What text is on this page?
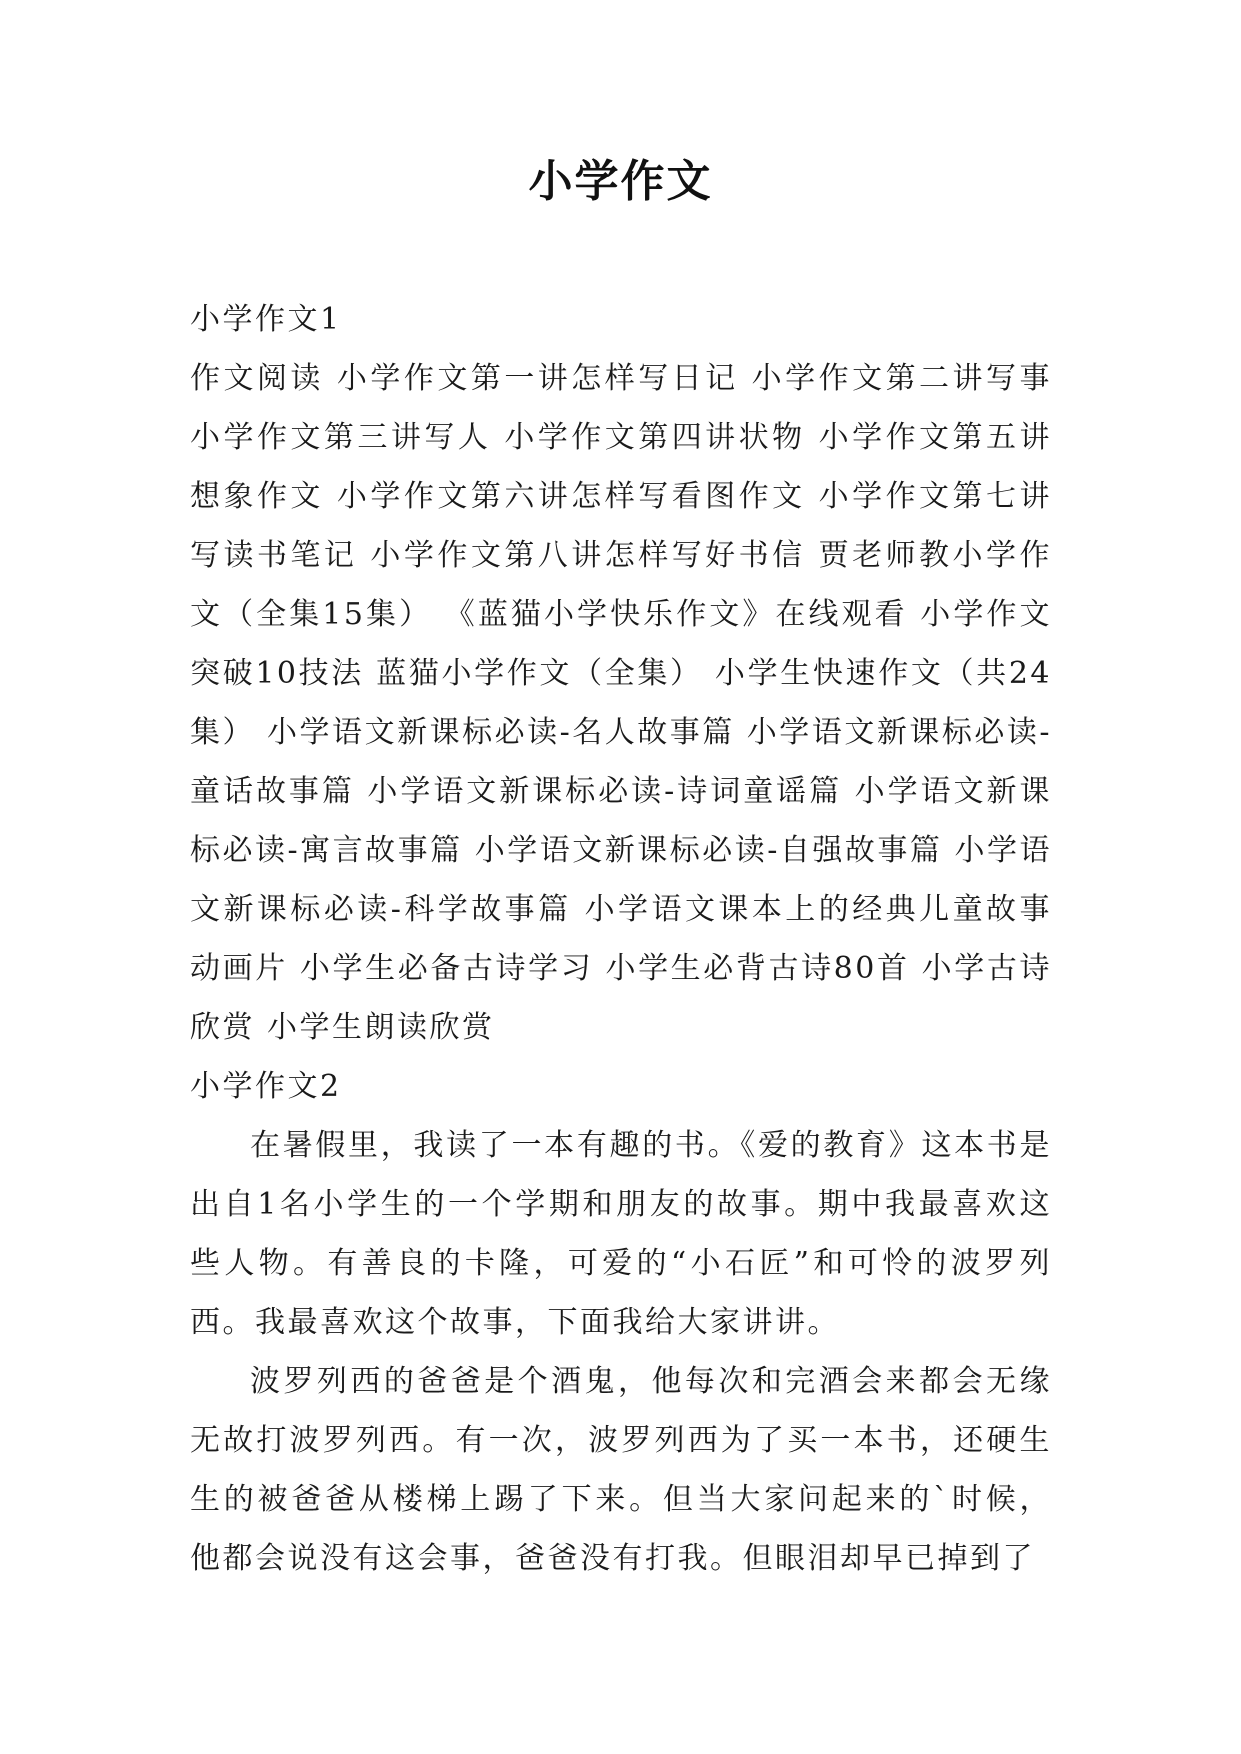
小学作文

小学作文1

作文阅读 小学作文第一讲怎样写日记 小学作文第二讲写事 小学作文第三讲写人 小学作文第四讲状物 小学作文第五讲想象作文 小学作文第六讲怎样写看图作文 小学作文第七讲写读书笔记 小学作文第八讲怎样写好书信 贾老师教小学作文（全集15集） 《蓝猫小学快乐作文》在线观看 小学作文突破10技法 蓝猫小学作文（全集） 小学生快速作文（共24集） 小学语文新课标必读-名人故事篇 小学语文新课标必读-童话故事篇 小学语文新课标必读-诗词童谣篇 小学语文新课标必读-寓言故事篇 小学语文新课标必读-自强故事篇 小学语文新课标必读-科学故事篇 小学语文课本上的经典儿童故事动画片 小学生必备古诗学习 小学生必背古诗80首 小学古诗欣赏 小学生朗读欣赏

小学作文2

在暑假里，我读了一本有趣的书。《爱的教育》这本书是出自1名小学生的一个学期和朋友的故事。期中我最喜欢这些人物。有善良的卡隆，可爱的“小石匠”和可怜的波罗列西。我最喜欢这个故事，下面我给大家讲讲。

波罗列西的爸爸是个酒鬼，他每次和完酒会来都会无缘无故打波罗列西。有一次，波罗列西为了买一本书，还硬生生的被爸爸从楼梯上踢了下来。但当大家问起来的`时候，他都会说没有这会事，爸爸没有打我。但眼泪却早已掉到了
